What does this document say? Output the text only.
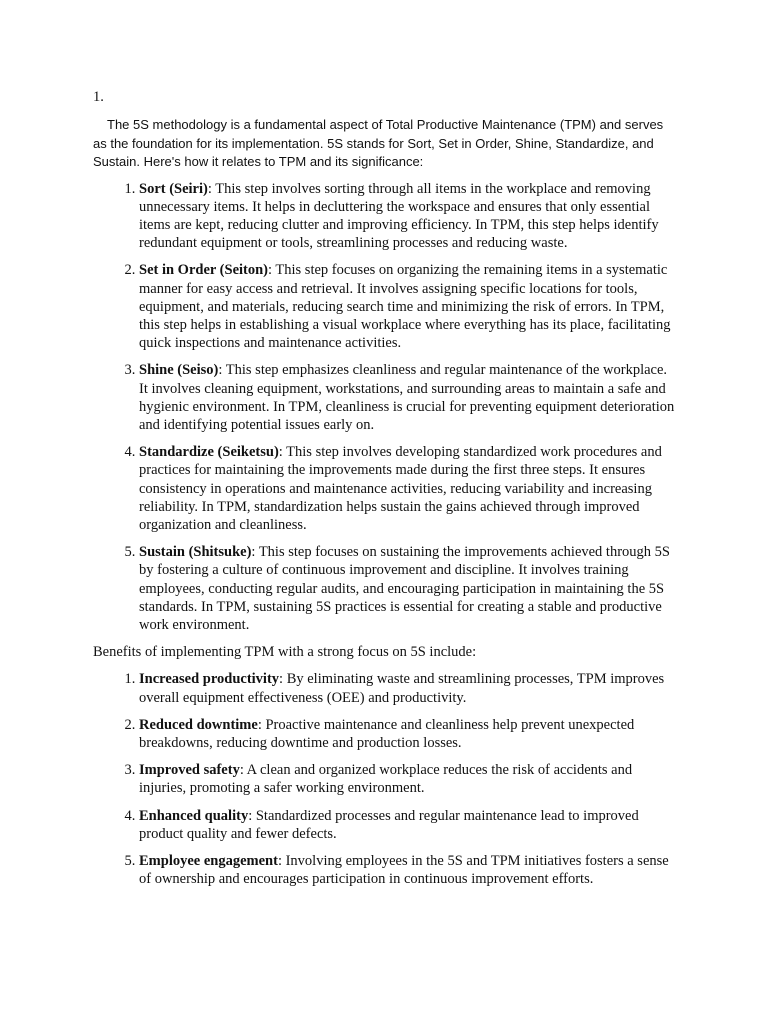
1.

The 5S methodology is a fundamental aspect of Total Productive Maintenance (TPM) and serves as the foundation for its implementation. 5S stands for Sort, Set in Order, Shine, Standardize, and Sustain. Here's how it relates to TPM and its significance:

1. Sort (Seiri): This step involves sorting through all items in the workplace and removing unnecessary items. It helps in decluttering the workspace and ensures that only essential items are kept, reducing clutter and improving efficiency. In TPM, this step helps identify redundant equipment or tools, streamlining processes and reducing waste.
2. Set in Order (Seiton): This step focuses on organizing the remaining items in a systematic manner for easy access and retrieval. It involves assigning specific locations for tools, equipment, and materials, reducing search time and minimizing the risk of errors. In TPM, this step helps in establishing a visual workplace where everything has its place, facilitating quick inspections and maintenance activities.
3. Shine (Seiso): This step emphasizes cleanliness and regular maintenance of the workplace. It involves cleaning equipment, workstations, and surrounding areas to maintain a safe and hygienic environment. In TPM, cleanliness is crucial for preventing equipment deterioration and identifying potential issues early on.
4. Standardize (Seiketsu): This step involves developing standardized work procedures and practices for maintaining the improvements made during the first three steps. It ensures consistency in operations and maintenance activities, reducing variability and increasing reliability. In TPM, standardization helps sustain the gains achieved through improved organization and cleanliness.
5. Sustain (Shitsuke): This step focuses on sustaining the improvements achieved through 5S by fostering a culture of continuous improvement and discipline. It involves training employees, conducting regular audits, and encouraging participation in maintaining the 5S standards. In TPM, sustaining 5S practices is essential for creating a stable and productive work environment.

Benefits of implementing TPM with a strong focus on 5S include:

1. Increased productivity: By eliminating waste and streamlining processes, TPM improves overall equipment effectiveness (OEE) and productivity.
2. Reduced downtime: Proactive maintenance and cleanliness help prevent unexpected breakdowns, reducing downtime and production losses.
3. Improved safety: A clean and organized workplace reduces the risk of accidents and injuries, promoting a safer working environment.
4. Enhanced quality: Standardized processes and regular maintenance lead to improved product quality and fewer defects.
5. Employee engagement: Involving employees in the 5S and TPM initiatives fosters a sense of ownership and encourages participation in continuous improvement efforts.
